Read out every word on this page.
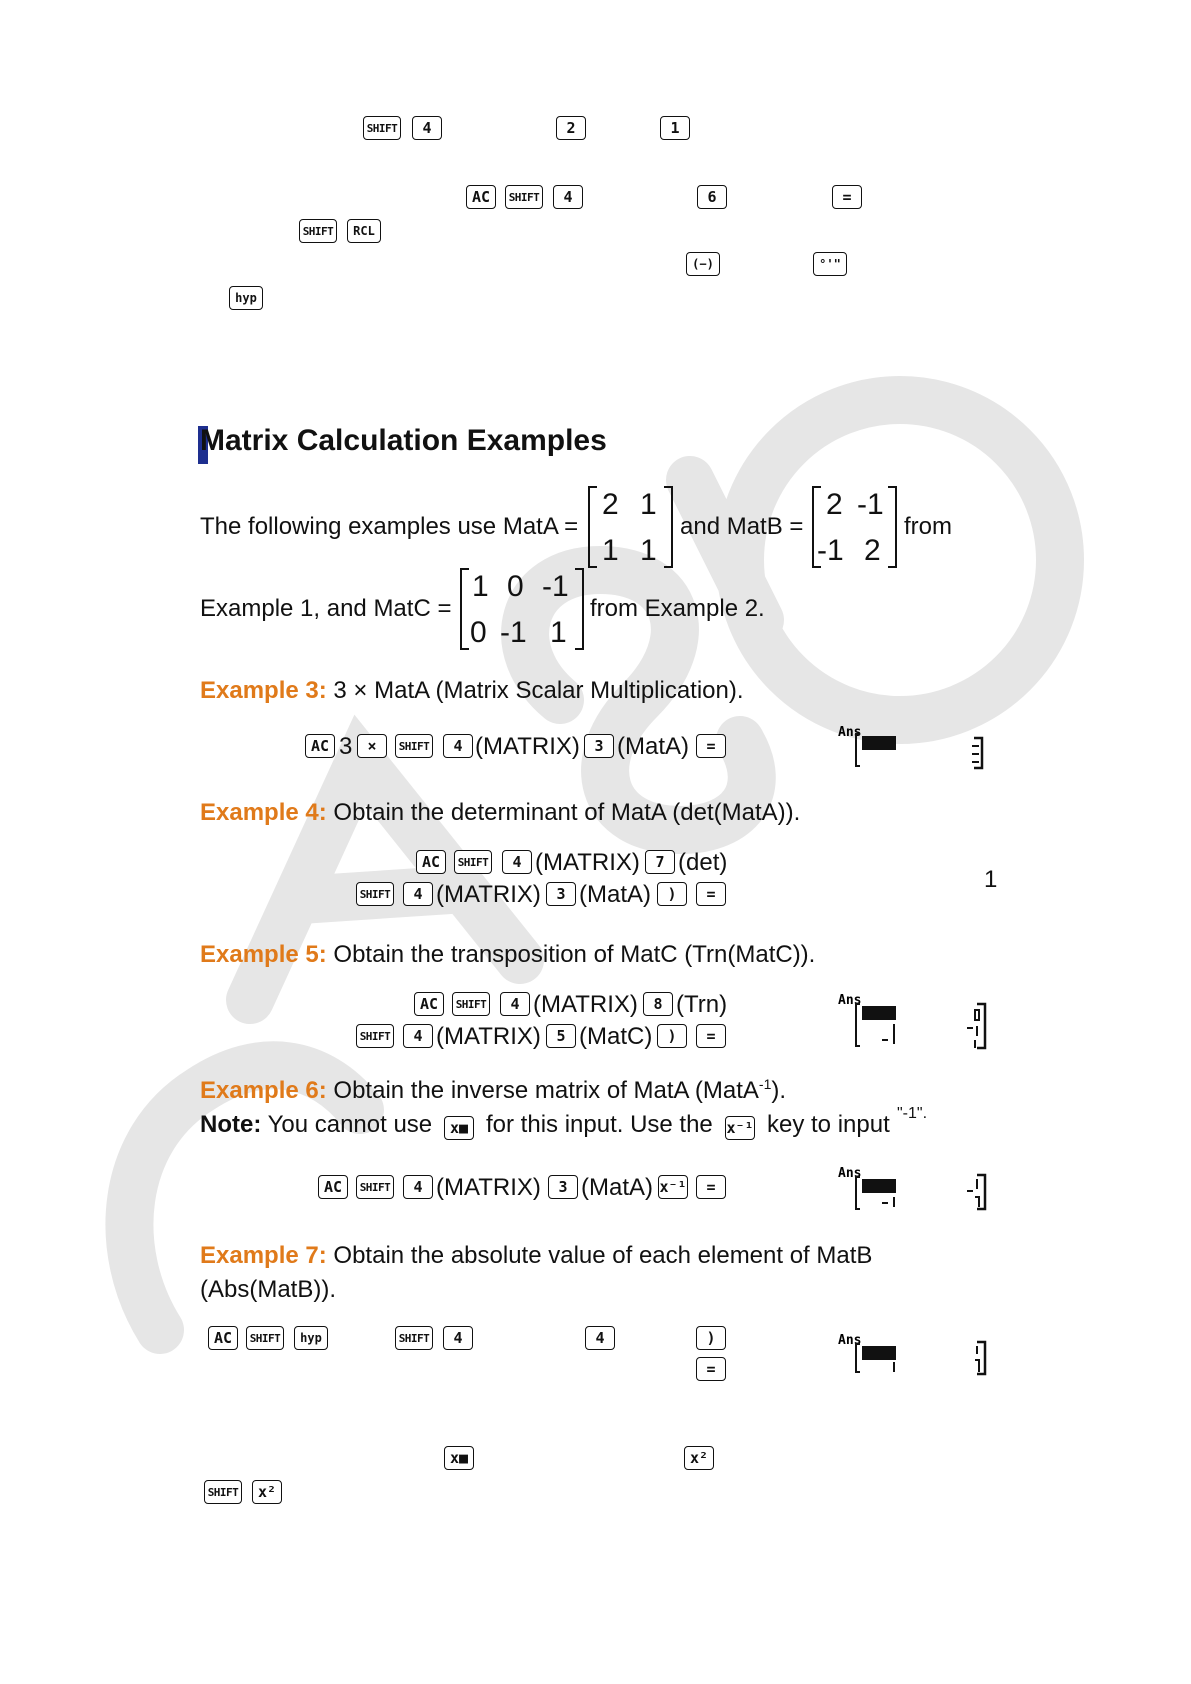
SHIFT	4	2	1
AC	SHIFT	4	6	=
SHIFT	RCL
(−)	°'"
hyp
Matrix Calculation Examples
The following examples use MatA =
2 1
1 1
and MatB =
2 -1
-1 2
from
Example 1, and MatC =
1 0 -1
0 -1 1
from Example 2.
Example 3: 3 × MatA (Matrix Scalar Multiplication).
AC 3	×	SHIFT	4 (MATRIX) 3 (MatA)	=
Ans
Example 4: Obtain the determinant of MatA (det(MatA)).
AC	SHIFT	4 (MATRIX)	7 (det)
SHIFT	4 (MATRIX)	3 (MatA)	)	=
1
Example 5: Obtain the transposition of MatC (Trn(MatC)).
AC	SHIFT	4 (MATRIX)	8 (Trn)
SHIFT	4 (MATRIX)	5 (MatC)	)	=
Ans
Example 6: Obtain the inverse matrix of MatA (MatA$^{-1}$).
Note: You cannot use	x■ for this input. Use the x⁻¹ key to input "-1".
AC	SHIFT	4 (MATRIX)	3 (MatA) x⁻¹	=
Ans
Example 7: Obtain the absolute value of each element of MatB
(Abs(MatB)).
AC	SHIFT	hyp	SHIFT	4	4	)
=
Ans
x■	x²
SHIFT	x²
